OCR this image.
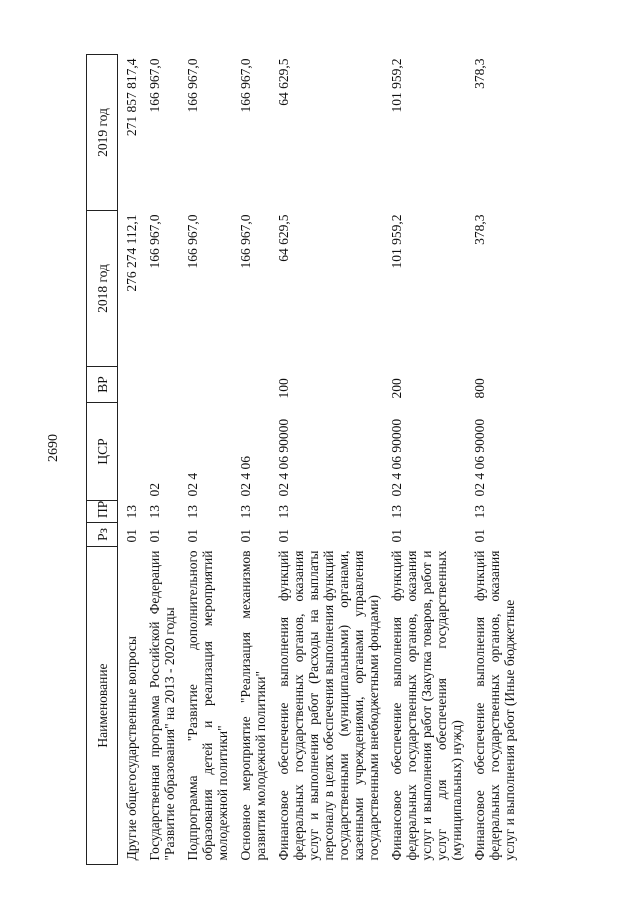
2690
Наименование	Рз	ПР	ЦСР	ВР	2018 год	2019 год
Другие общегосударственные вопросы	01	13			276 274 112,1	271 857 817,4
Государственная программа Российской Федерации "Развитие образования" на 2013 - 2020 годы	01	13	02		166 967,0	166 967,0
Подпрограмма "Развитие дополнительного образования детей и реализация мероприятий молодежной политики"	01	13	02 4		166 967,0	166 967,0
Основное мероприятие "Реализация механизмов развития молодежной политики"	01	13	02 4 06		166 967,0	166 967,0
Финансовое обеспечение выполнения функций федеральных государственных органов, оказания услуг и выполнения работ (Расходы на выплаты персоналу в целях обеспечения выполнения функций государственными (муниципальными) органами, казенными учреждениями, органами управления государственными внебюджетными фондами)	01	13	02 4 06 90000	100	64 629,5	64 629,5
Финансовое обеспечение выполнения функций федеральных государственных органов, оказания услуг и выполнения работ (Закупка товаров, работ и услуг для обеспечения государственных (муниципальных) нужд)	01	13	02 4 06 90000	200	101 959,2	101 959,2
Финансовое обеспечение выполнения функций федеральных государственных органов, оказания услуг и выполнения работ (Иные бюджетные	01	13	02 4 06 90000	800	378,3	378,3
